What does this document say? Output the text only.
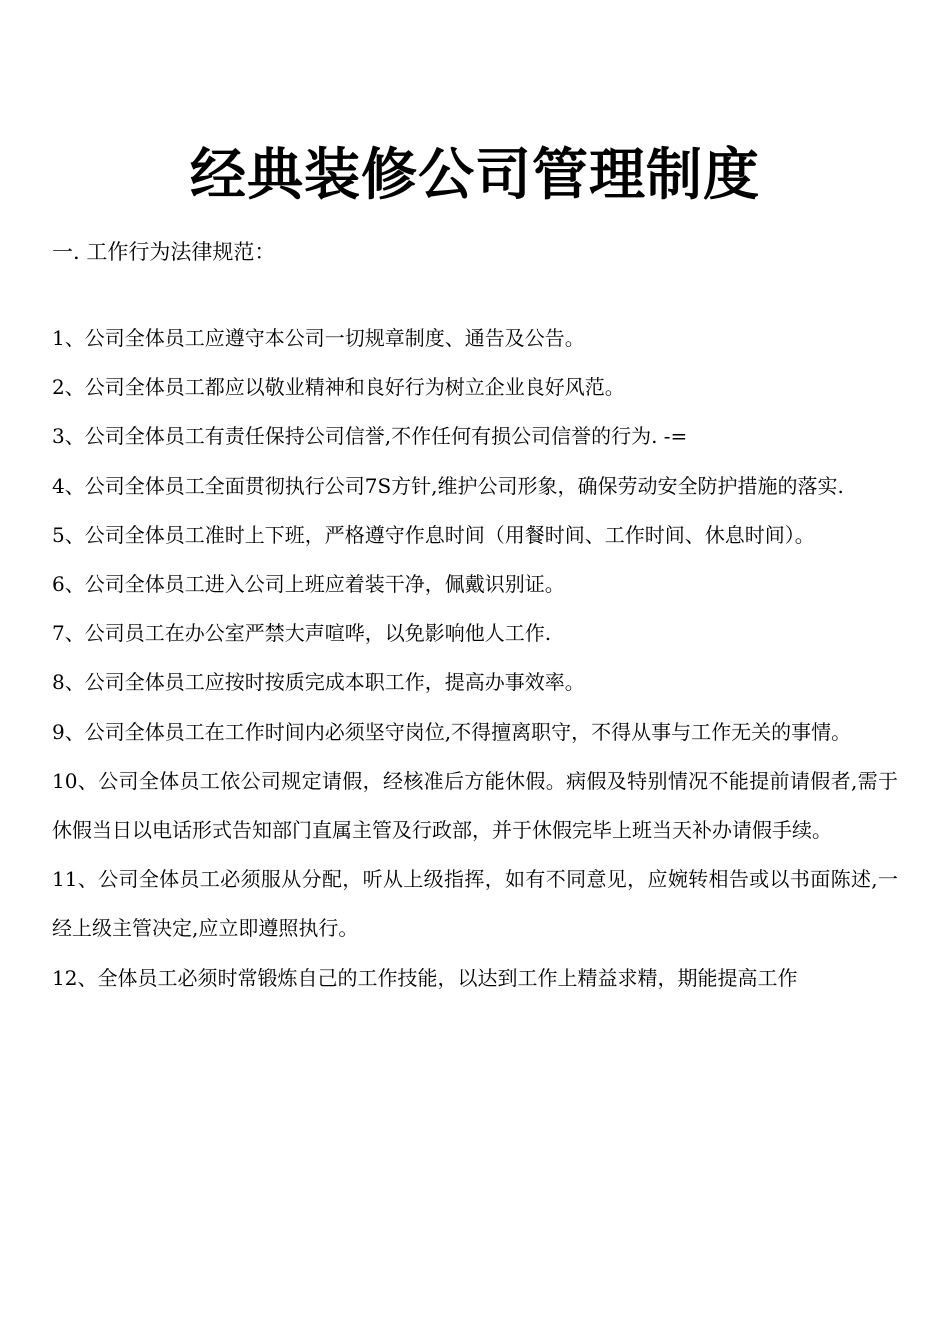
经典装修公司管理制度

一. 工作行为法律规范：

1、公司全体员工应遵守本公司一切规章制度、通告及公告。
2、公司全体员工都应以敬业精神和良好行为树立企业良好风范。
3、公司全体员工有责任保持公司信誉,不作任何有损公司信誉的行为. -=
4、公司全体员工全面贯彻执行公司7S方针,维护公司形象，确保劳动安全防护措施的落实.
5、公司全体员工准时上下班，严格遵守作息时间（用餐时间、工作时间、休息时间）。
6、公司全体员工进入公司上班应着装干净，佩戴识别证。
7、公司员工在办公室严禁大声喧哗，以免影响他人工作.
8、公司全体员工应按时按质完成本职工作，提高办事效率。
9、公司全体员工在工作时间内必须坚守岗位,不得擅离职守，不得从事与工作无关的事情。
10、公司全体员工依公司规定请假，经核准后方能休假。病假及特别情况不能提前请假者,需于休假当日以电话形式告知部门直属主管及行政部，并于休假完毕上班当天补办请假手续。
11、公司全体员工必须服从分配，听从上级指挥，如有不同意见，应婉转相告或以书面陈述,一经上级主管决定,应立即遵照执行。
12、全体员工必须时常锻炼自己的工作技能，以达到工作上精益求精，期能提高工作
